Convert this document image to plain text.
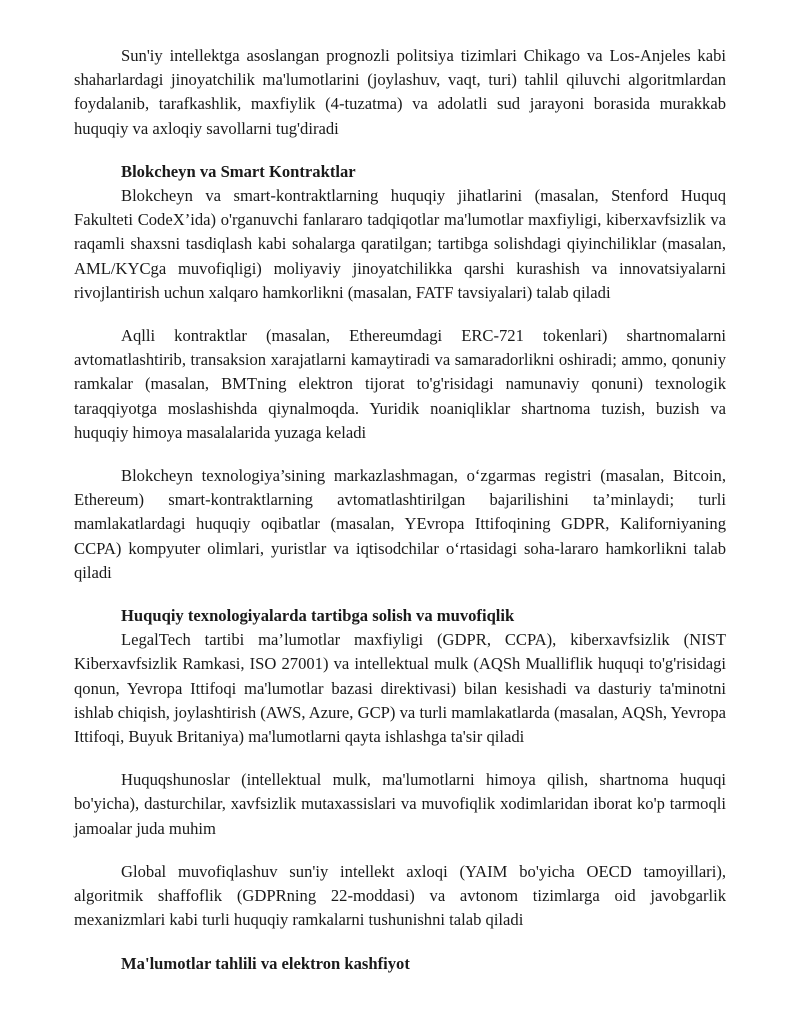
Sun'iy intellektga asoslangan prognozli politsiya tizimlari Chikago va Los-Anjeles kabi shaharlardagi jinoyatchilik ma'lumotlarini (joylashuv, vaqt, turi) tahlil qiluvchi algoritmlardan foydalanib, tarafkashlik, maxfiylik (4-tuzatma) va adolatli sud jarayoni borasida murakkab huquqiy va axloqiy savollarni tug'diradi

Blokcheyn va Smart Kontraktlar

Blokcheyn va smart-kontraktlarning huquqiy jihatlarini (masalan, Stenford Huquq Fakulteti CodeX’ida) o'rganuvchi fanlararo tadqiqotlar ma'lumotlar maxfiyligi, kiberxavfsizlik va raqamli shaxsni tasdiqlash kabi sohalarga qaratilgan; tartibga solishdagi qiyinchiliklar (masalan, AML/KYCga muvofiqligi) moliyaviy jinoyatchilikka qarshi kurashish va innovatsiyalarni rivojlantirish uchun xalqaro hamkorlikni (masalan, FATF tavsiyalari) talab qiladi

Aqlli kontraktlar (masalan, Ethereumdagi ERC-721 tokenlari) shartnomalarni avtomatlashtirib, transaksion xarajatlarni kamaytiradi va samaradorlikni oshiradi; ammo, qonuniy ramkalar (masalan, BMTning elektron tijorat to'g'risidagi namunaviy qonuni) texnologik taraqqiyotga moslashishda qiynalmoqda. Yuridik noaniqliklar shartnoma tuzish, buzish va huquqiy himoya masalalarida yuzaga keladi

Blokcheyn texnologiya’sining markazlashmagan, o‘zgarmas registri (masalan, Bitcoin, Ethereum) smart-kontraktlarning avtomatlashtirilgan bajarilishini ta’minlaydi; turli mamlakatlardagi huquqiy oqibatlar (masalan, YEvropa Ittifoqining GDPR, Kaliforniyaning CCPA) kompyuter olimlari, yuristlar va iqtisodchilar o‘rtasidagi soha-lararo hamkorlikni talab qiladi

Huquqiy texnologiyalarda tartibga solish va muvofiqlik

LegalTech tartibi ma’lumotlar maxfiyligi (GDPR, CCPA), kiberxavfsizlik (NIST Kiberxavfsizlik Ramkasi, ISO 27001) va intellektual mulk (AQSh Mualliflik huquqi to'g'risidagi qonun, Yevropa Ittifoqi ma'lumotlar bazasi direktivasi) bilan kesishadi va dasturiy ta'minotni ishlab chiqish, joylashtirish (AWS, Azure, GCP) va turli mamlakatlarda (masalan, AQSh, Yevropa Ittifoqi, Buyuk Britaniya) ma'lumotlarni qayta ishlashga ta'sir qiladi

Huquqshunoslar (intellektual mulk, ma'lumotlarni himoya qilish, shartnoma huquqi bo'yicha), dasturchilar, xavfsizlik mutaxassislari va muvofiqlik xodimlaridan iborat ko'p tarmoqli jamoalar juda muhim

Global muvofiqlashuv sun'iy intellekt axloqi (YAIM bo'yicha OECD tamoyillari), algoritmik shaffoflik (GDPRning 22-moddasi) va avtonom tizimlarga oid javobgarlik mexanizmlari kabi turli huquqiy ramkalarni tushunishni talab qiladi

Ma'lumotlar tahlili va elektron kashfiyot
